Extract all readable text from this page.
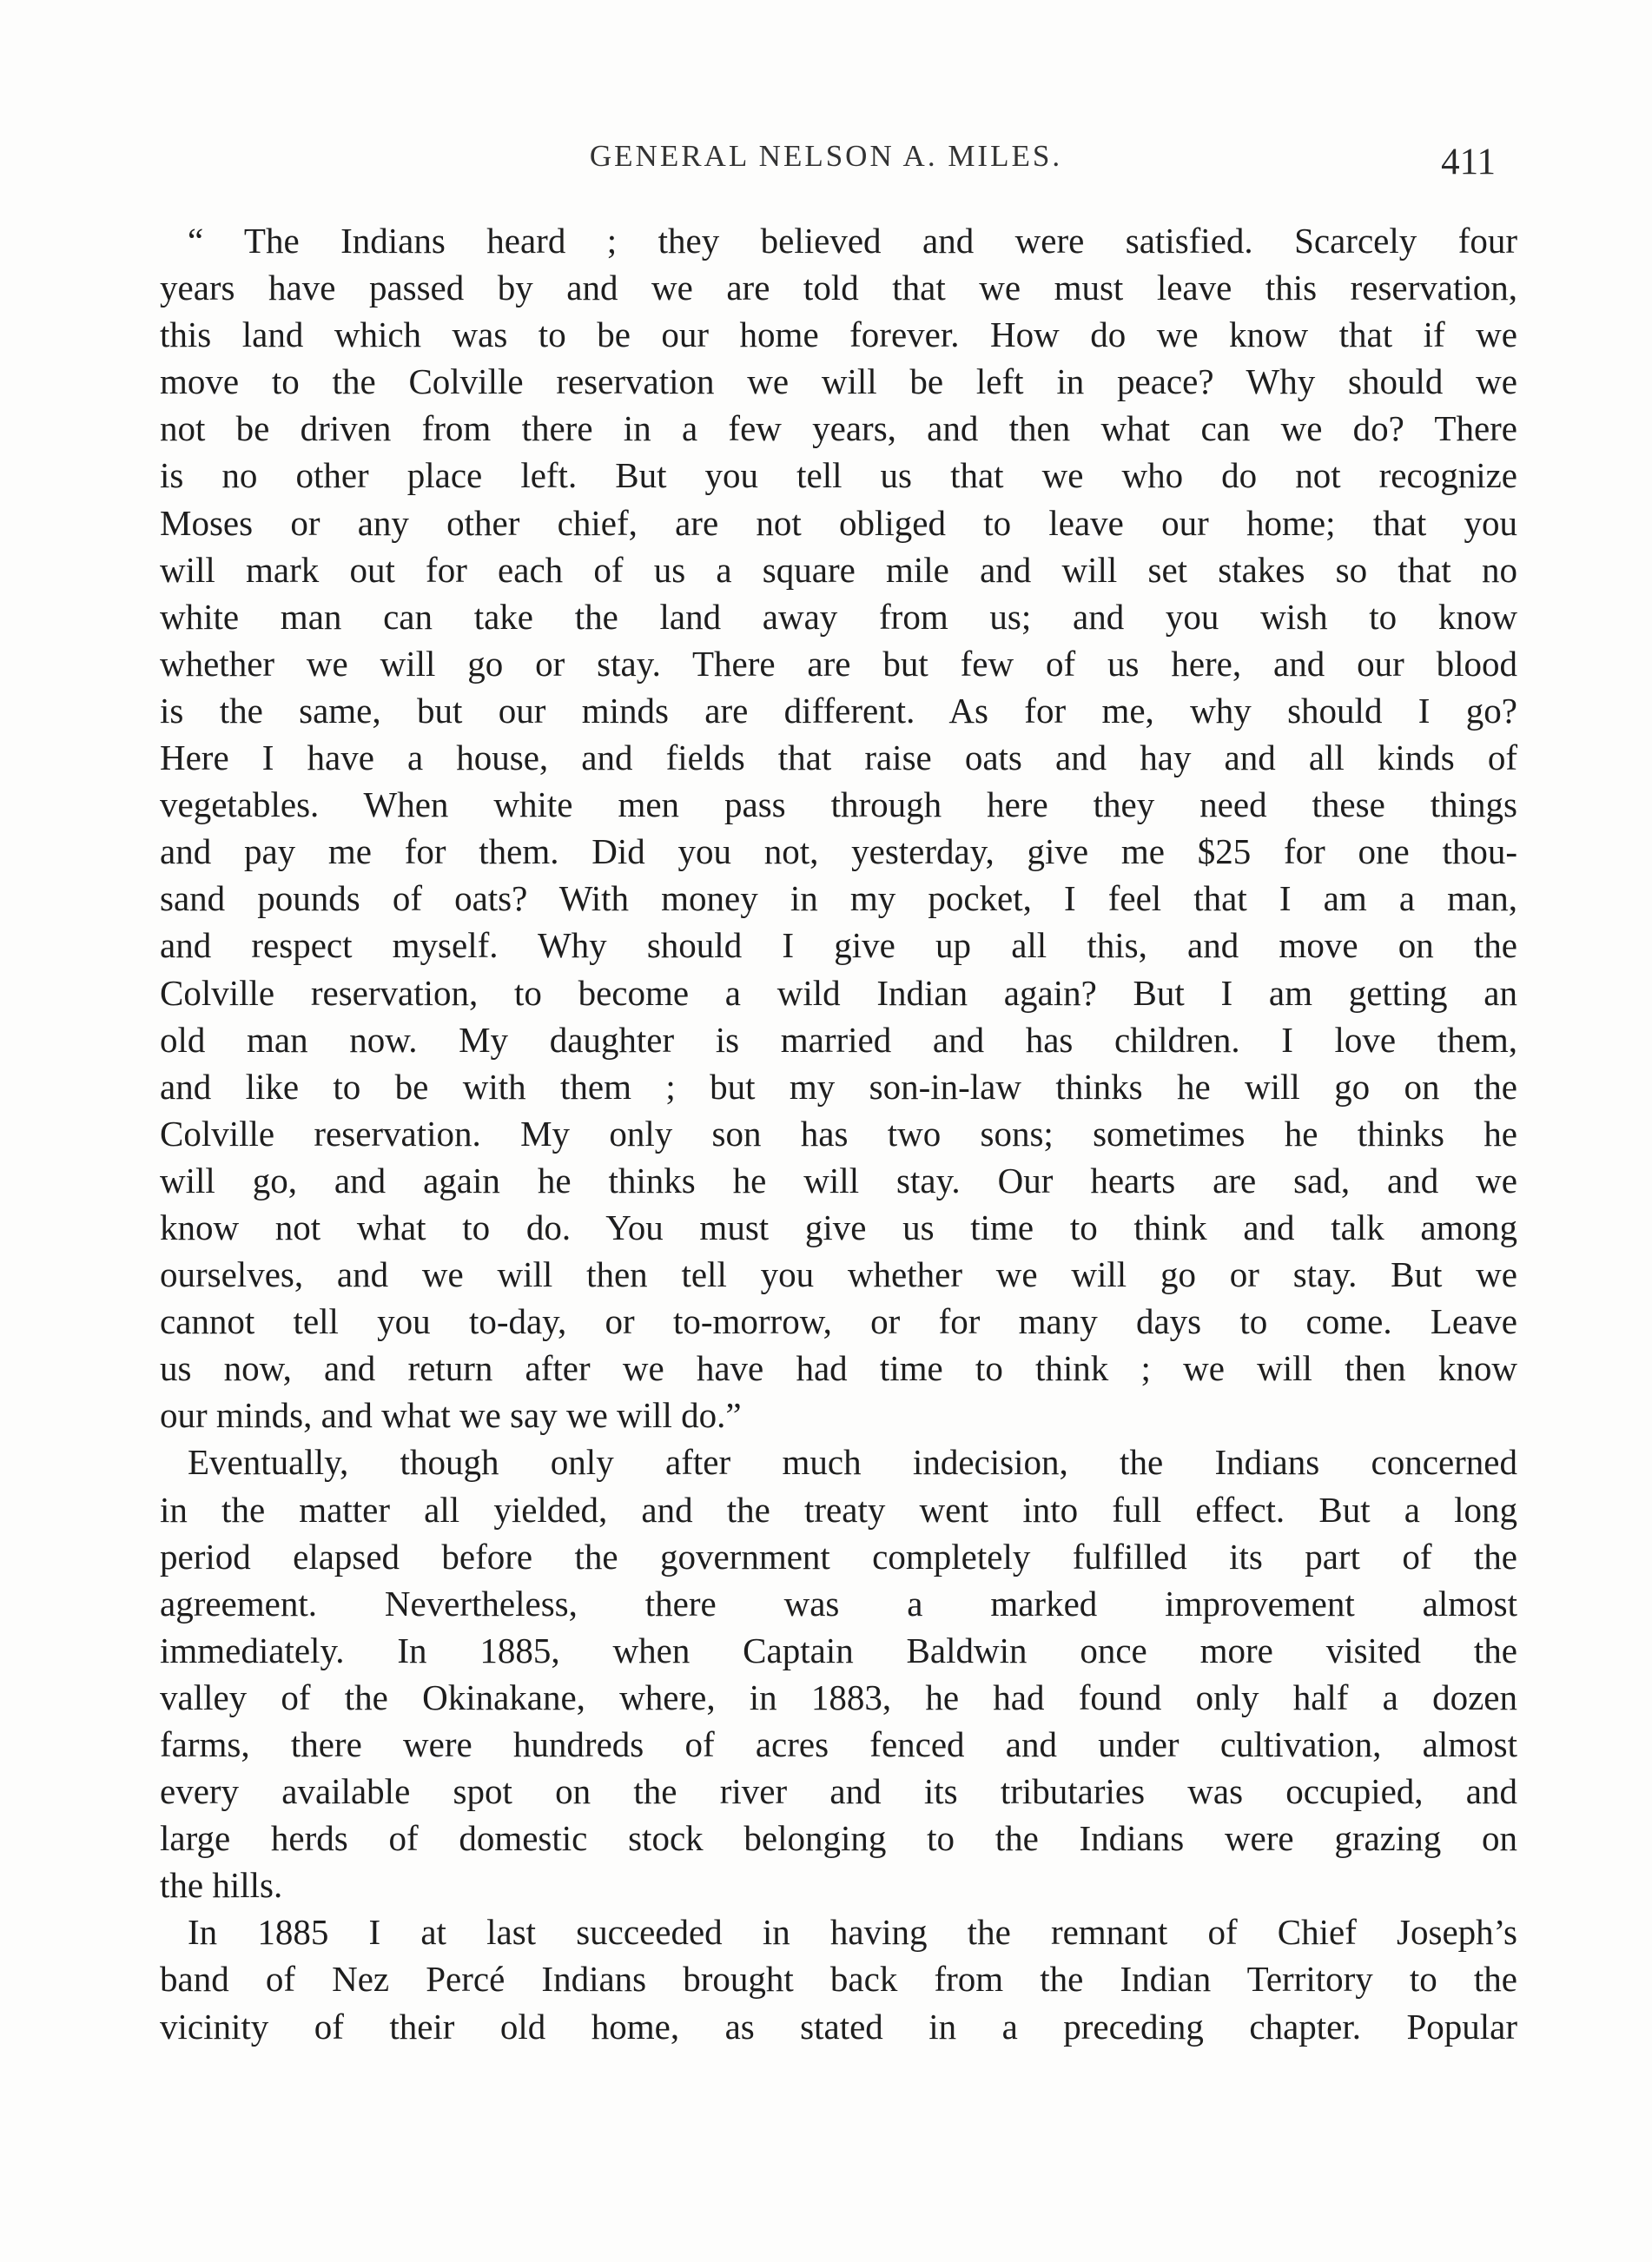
GENERAL NELSON A. MILES.	411
“ The Indians heard ; they believed and were satisfied. Scarcely four
years have passed by and we are told that we must leave this reservation,
this land which was to be our home forever. How do we know that if we
move to the Colville reservation we will be left in peace? Why should we
not be driven from there in a few years, and then what can we do? There
is no other place left. But you tell us that we who do not recognize
Moses or any other chief, are not obliged to leave our home; that you
will mark out for each of us a square mile and will set stakes so that no
white man can take the land away from us; and you wish to know
whether we will go or stay. There are but few of us here, and our blood
is the same, but our minds are different. As for me, why should I go?
Here I have a house, and fields that raise oats and hay and all kinds of
vegetables. When white men pass through here they need these things
and pay me for them. Did you not, yesterday, give me $25 for one thou-
sand pounds of oats? With money in my pocket, I feel that I am a man,
and respect myself. Why should I give up all this, and move on the
Colville reservation, to become a wild Indian again? But I am getting an
old man now. My daughter is married and has children. I love them,
and like to be with them ; but my son-in-law thinks he will go on the
Colville reservation. My only son has two sons; sometimes he thinks he
will go, and again he thinks he will stay. Our hearts are sad, and we
know not what to do. You must give us time to think and talk among
ourselves, and we will then tell you whether we will go or stay. But we
cannot tell you to-day, or to-morrow, or for many days to come. Leave
us now, and return after we have had time to think ; we will then know
our minds, and what we say we will do.”
Eventually, though only after much indecision, the Indians concerned
in the matter all yielded, and the treaty went into full effect. But a long
period elapsed before the government completely fulfilled its part of the
agreement. Nevertheless, there was a marked improvement almost
immediately. In 1885, when Captain Baldwin once more visited the
valley of the Okinakane, where, in 1883, he had found only half a dozen
farms, there were hundreds of acres fenced and under cultivation, almost
every available spot on the river and its tributaries was occupied, and
large herds of domestic stock belonging to the Indians were grazing on
the hills.
In 1885 I at last succeeded in having the remnant of Chief Joseph’s
band of Nez Percé Indians brought back from the Indian Territory to the
vicinity of their old home, as stated in a preceding chapter. Popular
